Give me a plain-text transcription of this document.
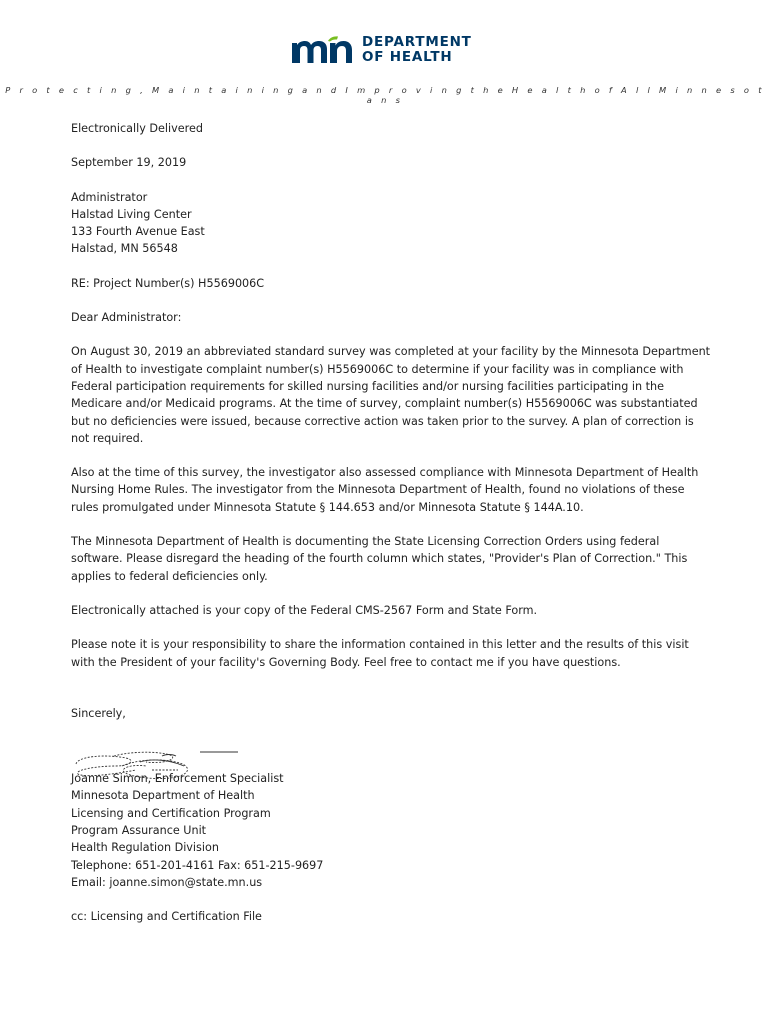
DEPARTMENT
OF HEALTH
P r o t e c t i n g , M a i n t a i n i n g a n d I m p r o v i n g t h e H e a l t h o f A l l M i n n e s o t a n s

Electronically Delivered

September 19, 2019

Administrator
Halstad Living Center
133 Fourth Avenue East
Halstad, MN 56548

RE: Project Number(s) H5569006C

Dear Administrator:

On August 30, 2019 an abbreviated standard survey was completed at your facility by the Minnesota Department of Health to investigate complaint number(s) H5569006C to determine if your facility was in compliance with Federal participation requirements for skilled nursing facilities and/or nursing facilities participating in the Medicare and/or Medicaid programs. At the time of survey, complaint number(s) H5569006C was substantiated but no deficiencies were issued, because corrective action was taken prior to the survey. A plan of correction is not required.

Also at the time of this survey, the investigator also assessed compliance with Minnesota Department of Health Nursing Home Rules. The investigator from the Minnesota Department of Health, found no violations of these rules promulgated under Minnesota Statute § 144.653 and/or Minnesota Statute § 144A.10.

The Minnesota Department of Health is documenting the State Licensing Correction Orders using federal software. Please disregard the heading of the fourth column which states, "Provider's Plan of Correction." This applies to federal deficiencies only.

Electronically attached is your copy of the Federal CMS-2567 Form and State Form.

Please note it is your responsibility to share the information contained in this letter and the results of this visit with the President of your facility's Governing Body. Feel free to contact me if you have questions.

Sincerely,

Joanne Simon, Enforcement Specialist
Minnesota Department of Health
Licensing and Certification Program
Program Assurance Unit
Health Regulation Division
Telephone: 651-201-4161 Fax: 651-215-9697
Email: joanne.simon@state.mn.us

cc: Licensing and Certification File
